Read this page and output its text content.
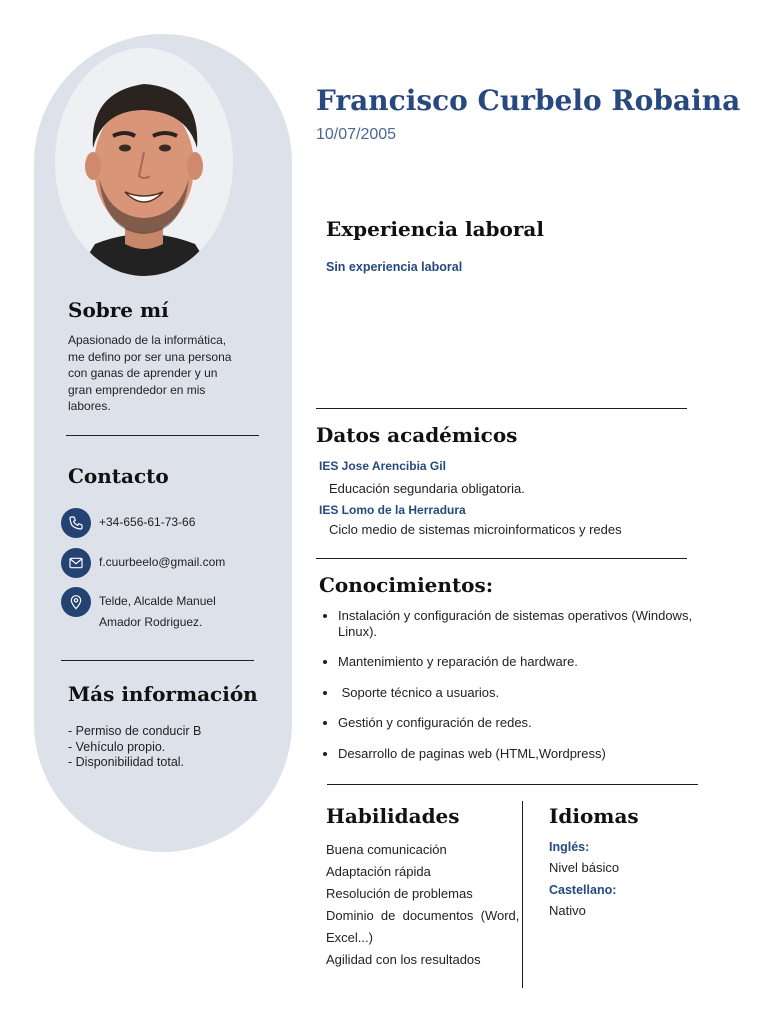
Sobre mí
Apasionado de la informática,
me defino por ser una persona
con ganas de aprender y un
gran emprendedor en mis
labores.
Contacto
+34-656-61-73-66
f.cuurbeelo@gmail.com
Telde, Alcalde Manuel
Amador Rodriguez.
Más información
- Permiso de conducir B
- Vehículo propio.
- Disponibilidad total.
Francisco Curbelo Robaina
10/07/2005
Experiencia laboral
Sin experiencia laboral
Datos académicos
IES Jose Arencibia Gil
Educación segundaria obligatoria.
IES Lomo de la Herradura
Ciclo medio de sistemas microinformaticos y redes
Conocimientos:
• Instalación y configuración de sistemas operativos (Windows, Linux).
• Mantenimiento y reparación de hardware.
•  Soporte técnico a usuarios.
• Gestión y configuración de redes.
• Desarrollo de paginas web (HTML,Wordpress)
Habilidades
Buena comunicación
Adaptación rápida
Resolución de problemas
Dominio  de  documentos  (Word,
Excel...)
Agilidad con los resultados
Idiomas
Inglés:
Nivel básico
Castellano:
Nativo
